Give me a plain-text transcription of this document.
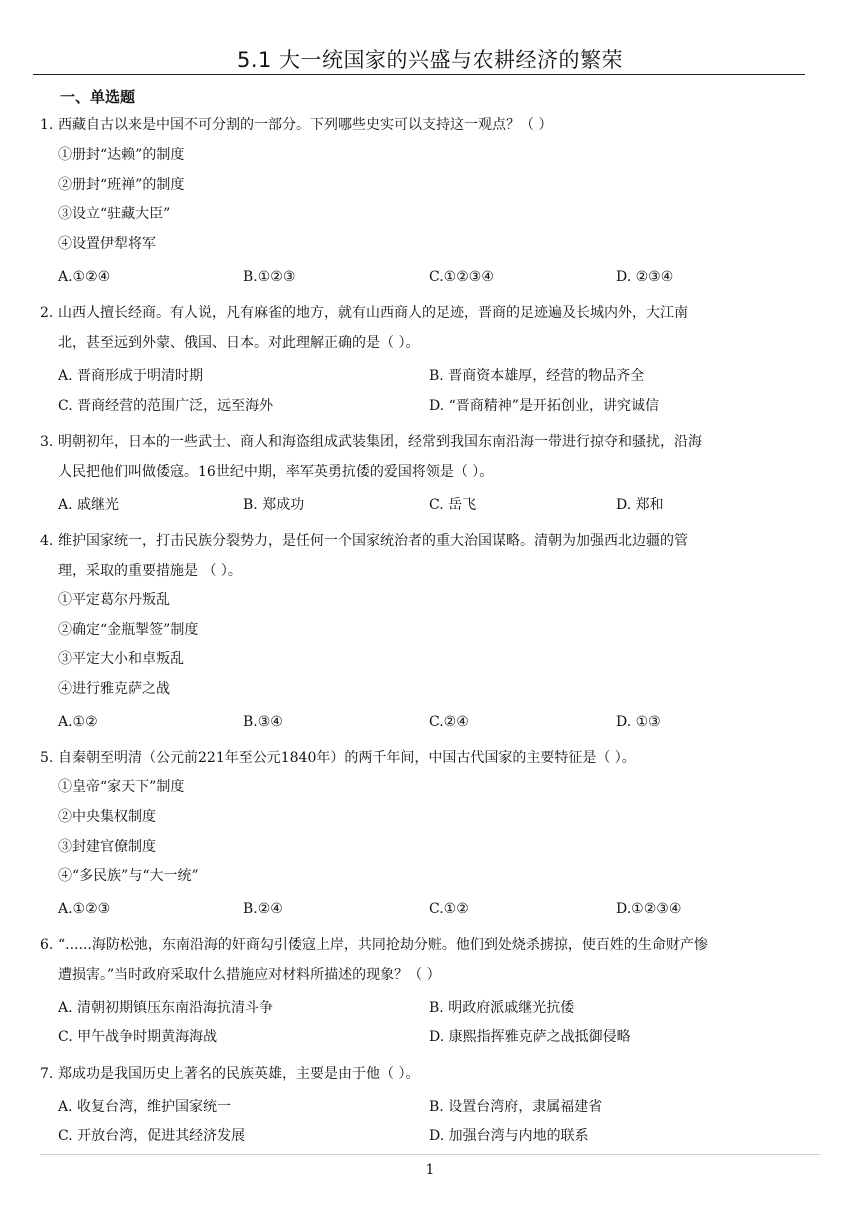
5.1 大一统国家的兴盛与农耕经济的繁荣
一、单选题
1. 西藏自古以来是中国不可分割的一部分。下列哪些史实可以支持这一观点？（ ）
①册封“达赖”的制度
②册封“班禅”的制度
③设立“驻藏大臣”
④设置伊犁将军
A.①②④	B.①②③	C.①②③④	D. ②③④
2. 山西人擅长经商。有人说，凡有麻雀的地方，就有山西商人的足迹，晋商的足迹遍及长城内外，大江南
北，甚至远到外蒙、俄国、日本。对此理解正确的是（ ）。
A. 晋商形成于明清时期	B. 晋商资本雄厚，经营的物品齐全
C. 晋商经营的范围广泛，远至海外	D. “晋商精神”是开拓创业，讲究诚信
3. 明朝初年，日本的一些武士、商人和海盗组成武装集团，经常到我国东南沿海一带进行掠夺和骚扰，沿海
人民把他们叫做倭寇。16世纪中期，率军英勇抗倭的爱国将领是（ ）。
A. 戚继光	B. 郑成功	C. 岳飞	D. 郑和
4. 维护国家统一，打击民族分裂势力，是任何一个国家统治者的重大治国谋略。清朝为加强西北边疆的管
理，采取的重要措施是 （ ）。
①平定葛尔丹叛乱
②确定“金瓶掣签”制度
③平定大小和卓叛乱
④进行雅克萨之战
A.①②	B.③④	C.②④	D. ①③
5. 自秦朝至明清（公元前221年至公元1840年）的两千年间，中国古代国家的主要特征是（ ）。
①皇帝“家天下”制度
②中央集权制度
③封建官僚制度
④“多民族”与“大一统”
A.①②③	B.②④	C.①②	D.①②③④
6. “......海防松弛，东南沿海的奸商勾引倭寇上岸，共同抢劫分赃。他们到处烧杀掳掠，使百姓的生命财产惨
遭损害。”当时政府采取什么措施应对材料所描述的现象？（ ）
A. 清朝初期镇压东南沿海抗清斗争	B. 明政府派戚继光抗倭
C. 甲午战争时期黄海海战	D. 康熙指挥雅克萨之战抵御侵略
7. 郑成功是我国历史上著名的民族英雄，主要是由于他（ ）。
A. 收复台湾，维护国家统一	B. 设置台湾府，隶属福建省
C. 开放台湾，促进其经济发展	D. 加强台湾与内地的联系
1
